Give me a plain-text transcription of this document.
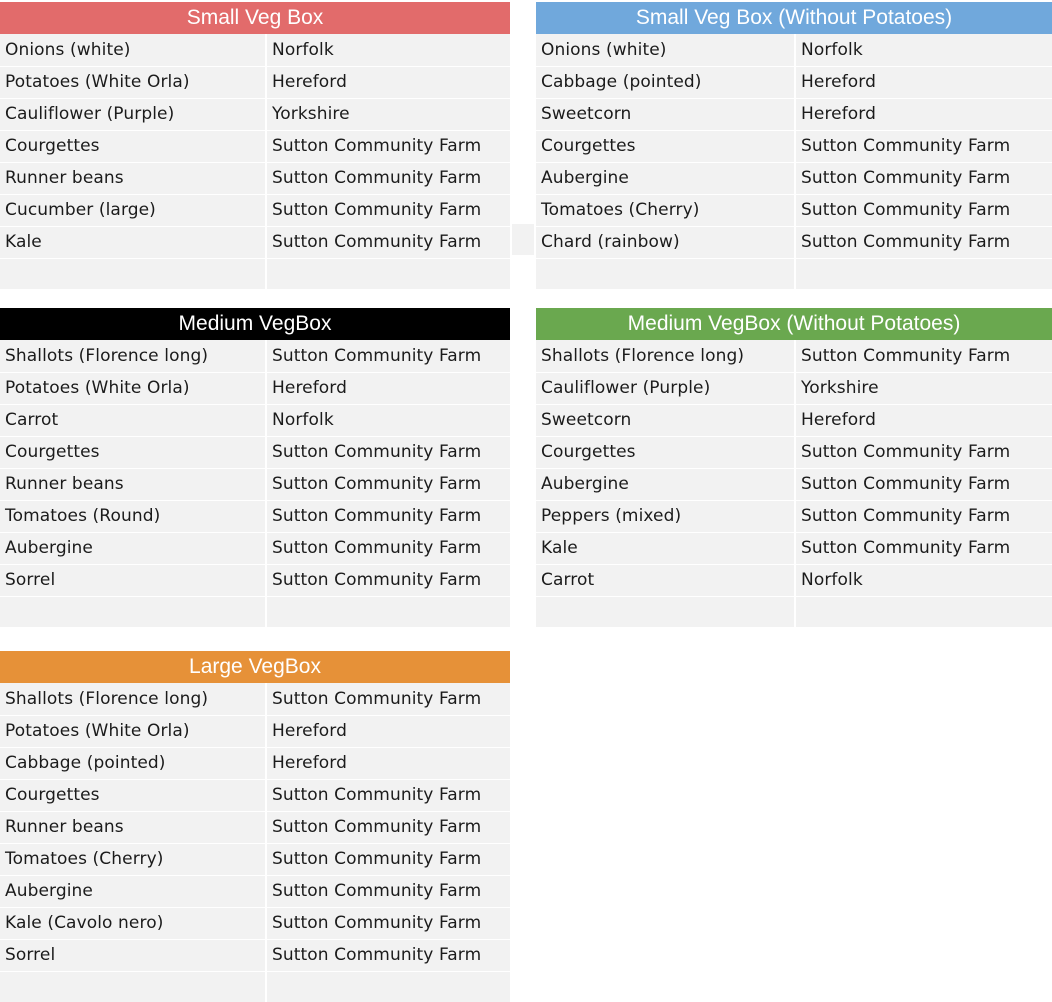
Small Veg Box
Onions (white)	Norfolk
Potatoes (White Orla)	Hereford
Cauliflower (Purple)	Yorkshire
Courgettes	Sutton Community Farm
Runner beans	Sutton Community Farm
Cucumber (large)	Sutton Community Farm
Kale	Sutton Community Farm
Small Veg Box (Without Potatoes)
Onions (white)	Norfolk
Cabbage (pointed)	Hereford
Sweetcorn	Hereford
Courgettes	Sutton Community Farm
Aubergine	Sutton Community Farm
Tomatoes (Cherry)	Sutton Community Farm
Chard (rainbow)	Sutton Community Farm
Medium VegBox
Shallots (Florence long)	Sutton Community Farm
Potatoes (White Orla)	Hereford
Carrot	Norfolk
Courgettes	Sutton Community Farm
Runner beans	Sutton Community Farm
Tomatoes (Round)	Sutton Community Farm
Aubergine	Sutton Community Farm
Sorrel	Sutton Community Farm
Medium VegBox (Without Potatoes)
Shallots (Florence long)	Sutton Community Farm
Cauliflower (Purple)	Yorkshire
Sweetcorn	Hereford
Courgettes	Sutton Community Farm
Aubergine	Sutton Community Farm
Peppers (mixed)	Sutton Community Farm
Kale	Sutton Community Farm
Carrot	Norfolk
Large VegBox
Shallots (Florence long)	Sutton Community Farm
Potatoes (White Orla)	Hereford
Cabbage (pointed)	Hereford
Courgettes	Sutton Community Farm
Runner beans	Sutton Community Farm
Tomatoes (Cherry)	Sutton Community Farm
Aubergine	Sutton Community Farm
Kale (Cavolo nero)	Sutton Community Farm
Sorrel	Sutton Community Farm
